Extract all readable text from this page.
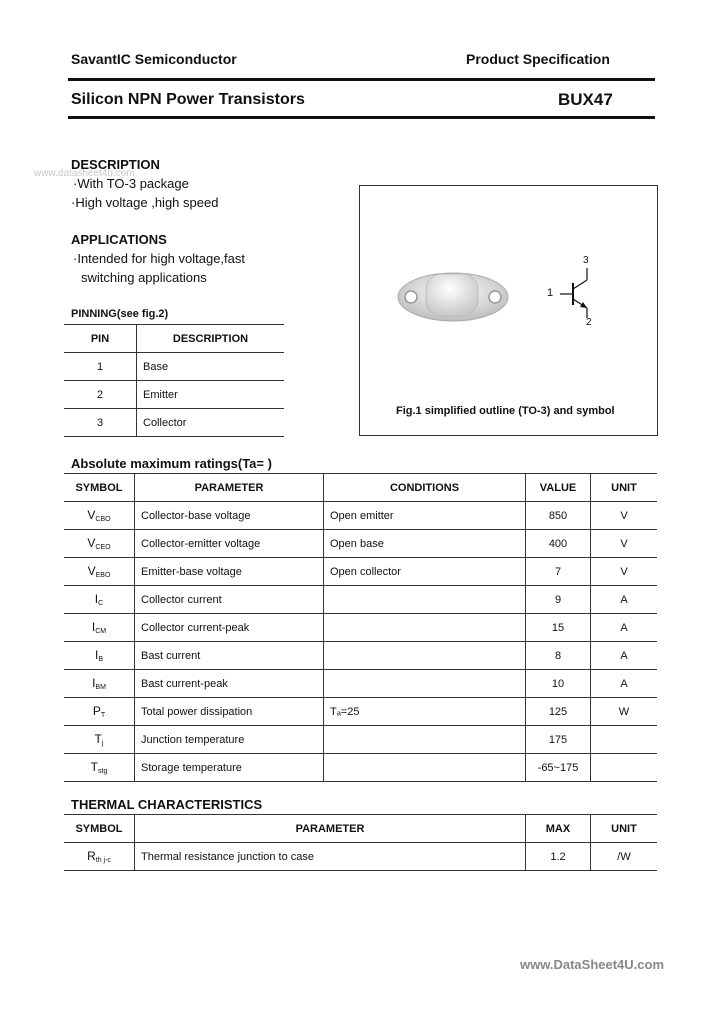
SavantIC Semiconductor	Product Specification
Silicon NPN Power Transistors	BUX47
www.datasheet4u.com
DESCRIPTION
·With TO-3 package
·High voltage ,high speed
APPLICATIONS
·Intended for high voltage,fast
switching applications
PINNING(see fig.2)
PIN	DESCRIPTION
1	Base
2	Emitter
3	Collector
3
1
2
Fig.1 simplified outline (TO-3) and symbol
Absolute maximum ratings(Ta= )
SYMBOL	PARAMETER	CONDITIONS	VALUE	UNIT
$V_{CBO}$	Collector-base voltage	Open emitter	850	V
$V_{CEO}$	Collector-emitter voltage	Open base	400	V
$V_{EBO}$	Emitter-base voltage	Open collector	7	V
$I_C$	Collector current		9	A
$I_{CM}$	Collector current-peak		15	A
$I_B$	Bast current		8	A
$I_{BM}$	Bast current-peak		10	A
$P_T$	Total power dissipation	Tₐ=25	125	W
$T_j$	Junction temperature		175	
$T_{stg}$	Storage temperature		-65~175	
THERMAL CHARACTERISTICS
SYMBOL	PARAMETER	MAX	UNIT
$R_{th j-c}$	Thermal resistance junction to case	1.2	/W
www.DataSheet4U.com
